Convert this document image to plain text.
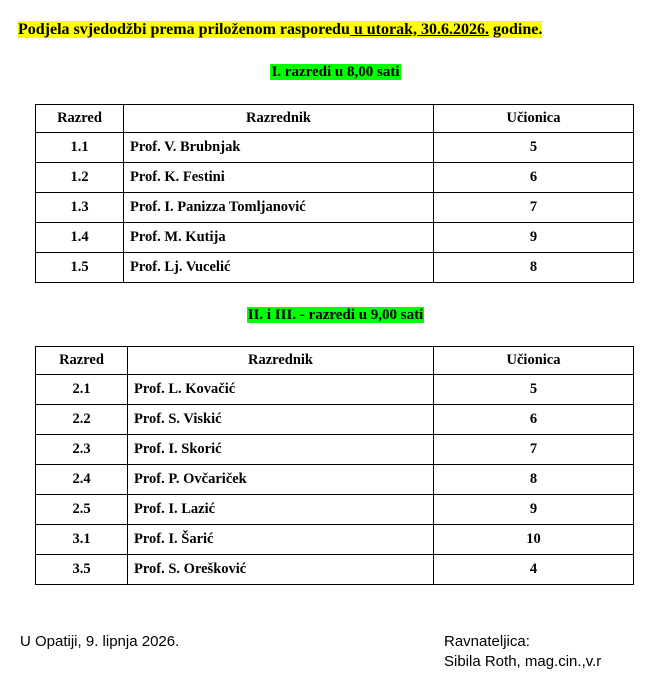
Podjela svjedodžbi prema priloženom rasporedu u utorak, 30.6.2026. godine.

I. razredi u 8,00 sati
Razred	Razrednik	Učionica
1.1	Prof. V. Brubnjak	5
1.2	Prof. K. Festini	6
1.3	Prof. I. Panizza Tomljanović	7
1.4	Prof. M. Kutija	9
1.5	Prof. Lj. Vucelić	8
II. i III. - razredi u 9,00 sati
Razred	Razrednik	Učionica
2.1	Prof. L. Kovačić	5
2.2	Prof. S. Viskić	6
2.3	Prof. I. Skorić	7
2.4	Prof. P. Ovčariček	8
2.5	Prof. I. Lazić	9
3.1	Prof. I. Šarić	10
3.5	Prof. S. Orešković	4
U Opatiji, 9. lipnja 2026.	Ravnateljica:
Sibila Roth, mag.cin.,v.r
